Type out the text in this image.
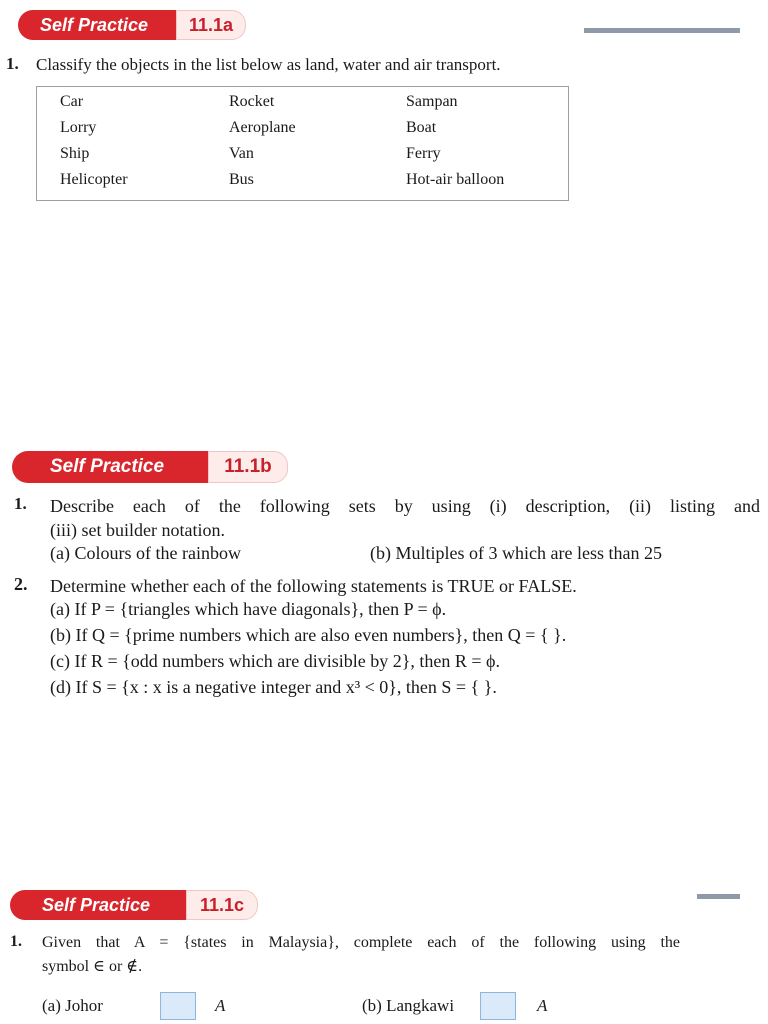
Self Practice	11.1a
1. Classify the objects in the list below as land, water and air transport.
Car	Rocket	Sampan
Lorry	Aeroplane	Boat
Ship	Van	Ferry
Helicopter	Bus	Hot-air balloon
Self Practice	11.1b
1. Describe each of the following sets by using (i) description, (ii) listing and
(iii) set builder notation.
(a) Colours of the rainbow	(b) Multiples of 3 which are less than 25
2. Determine whether each of the following statements is TRUE or FALSE.
(a) If P = {triangles which have diagonals}, then P = ϕ.
(b) If Q = {prime numbers which are also even numbers}, then Q = { }.
(c) If R = {odd numbers which are divisible by 2}, then R = ϕ.
(d) If S = {x : x is a negative integer and x³ < 0}, then S = { }.
Self Practice	11.1c
1. Given that A = {states in Malaysia}, complete each of the following using the
symbol ∈ or ∉.
(a) Johor	A	(b) Langkawi	A
